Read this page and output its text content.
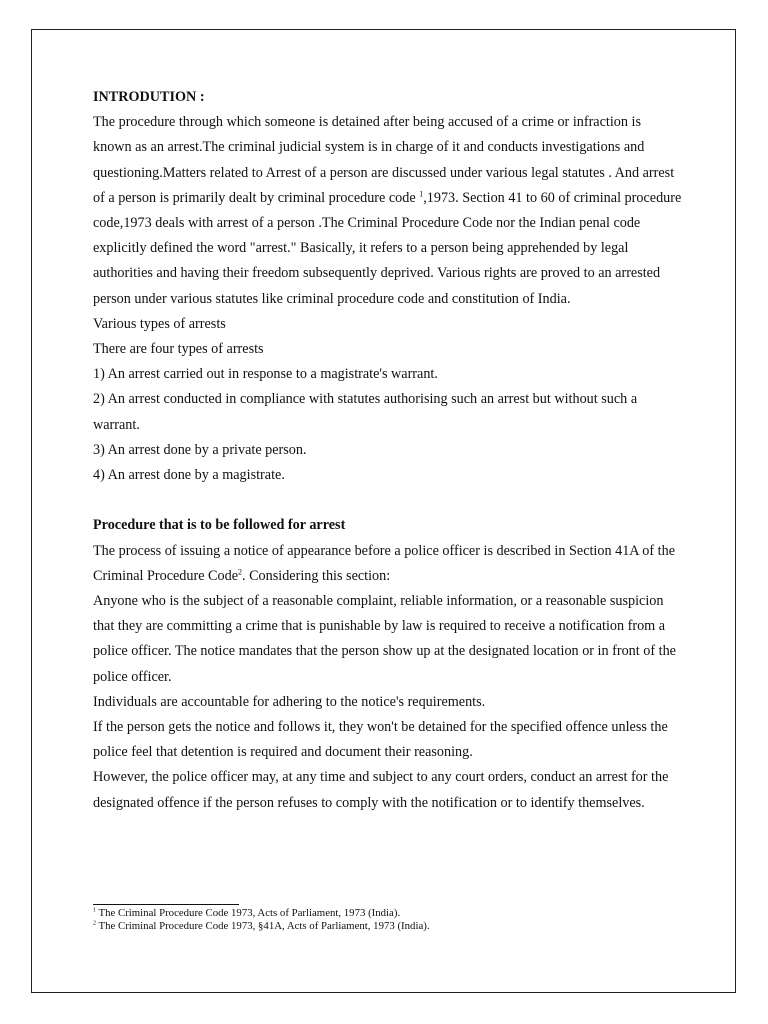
INTRODUTION :

The procedure through which someone is detained after being accused of a crime or infraction is known as an arrest.The criminal judicial system is in charge of it and conducts investigations and questioning.Matters related to Arrest of a person are discussed under various legal statutes . And arrest of a person is primarily dealt by criminal procedure code $^1$,1973. Section 41 to 60 of criminal procedure code,1973 deals with arrest of a person .The Criminal Procedure Code nor the Indian penal code explicitly defined the word "arrest." Basically, it refers to a person being apprehended by legal authorities and having their freedom subsequently deprived. Various rights are proved to an arrested person under various statutes like criminal procedure code and constitution of India.

Various types of arrests

There are four types of arrests

1) An arrest carried out in response to a magistrate's warrant.

2) An arrest conducted in compliance with statutes authorising such an arrest but without such a warrant.

3) An arrest done by a private person.

4) An arrest done by a magistrate.

Procedure that is to be followed for arrest

The process of issuing a notice of appearance before a police officer is described in Section 41A of the Criminal Procedure Code$^2$. Considering this section:

Anyone who is the subject of a reasonable complaint, reliable information, or a reasonable suspicion that they are committing a crime that is punishable by law is required to receive a notification from a police officer. The notice mandates that the person show up at the designated location or in front of the police officer.

Individuals are accountable for adhering to the notice's requirements.

If the person gets the notice and follows it, they won't be detained for the specified offence unless the police feel that detention is required and document their reasoning.

However, the police officer may, at any time and subject to any court orders, conduct an arrest for the designated offence if the person refuses to comply with the notification or to identify themselves.

$^1$ The Criminal Procedure Code 1973, Acts of Parliament, 1973 (India).

$^2$ The Criminal Procedure Code 1973, §41A, Acts of Parliament, 1973 (India).
